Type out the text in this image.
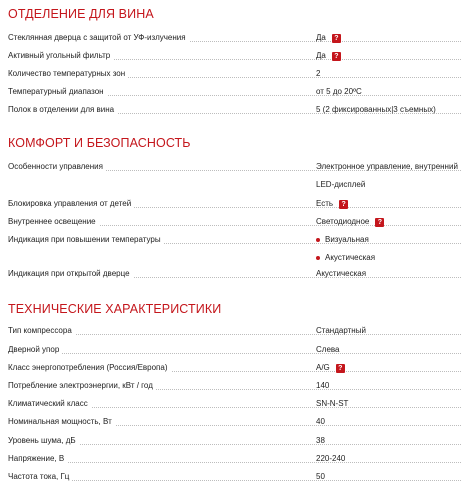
ОТДЕЛЕНИЕ ДЛЯ ВИНА
Стеклянная дверца с защитой от УФ-излучения	Да	?
Активный угольный фильтр	Да	?
Количество температурных зон	2
Температурный диапазон	от 5 до 20ºC
Полок в отделении для вина	5 (2 фиксированных|3 съемных)
КОМФОРТ И БЕЗОПАСНОСТЬ
Особенности управления	Электронное управление, внутренний
LED-дисплей
Блокировка управления от детей	Есть	?
Внутреннее освещение	Светодиодное	?
Индикация при повышении температуры	Визуальная
Акустическая
Индикация при открытой дверце	Акустическая
ТЕХНИЧЕСКИЕ ХАРАКТЕРИСТИКИ
Тип компрессора	Стандартный
Дверной упор	Слева
Класс энергопотребления (Россия/Европа)	A/G	?
Потребление электроэнергии, кВт / год	140
Климатический класс	SN-N-ST
Номинальная мощность, Вт	40
Уровень шума, дБ	38
Напряжение, В	220-240
Частота тока, Гц	50
